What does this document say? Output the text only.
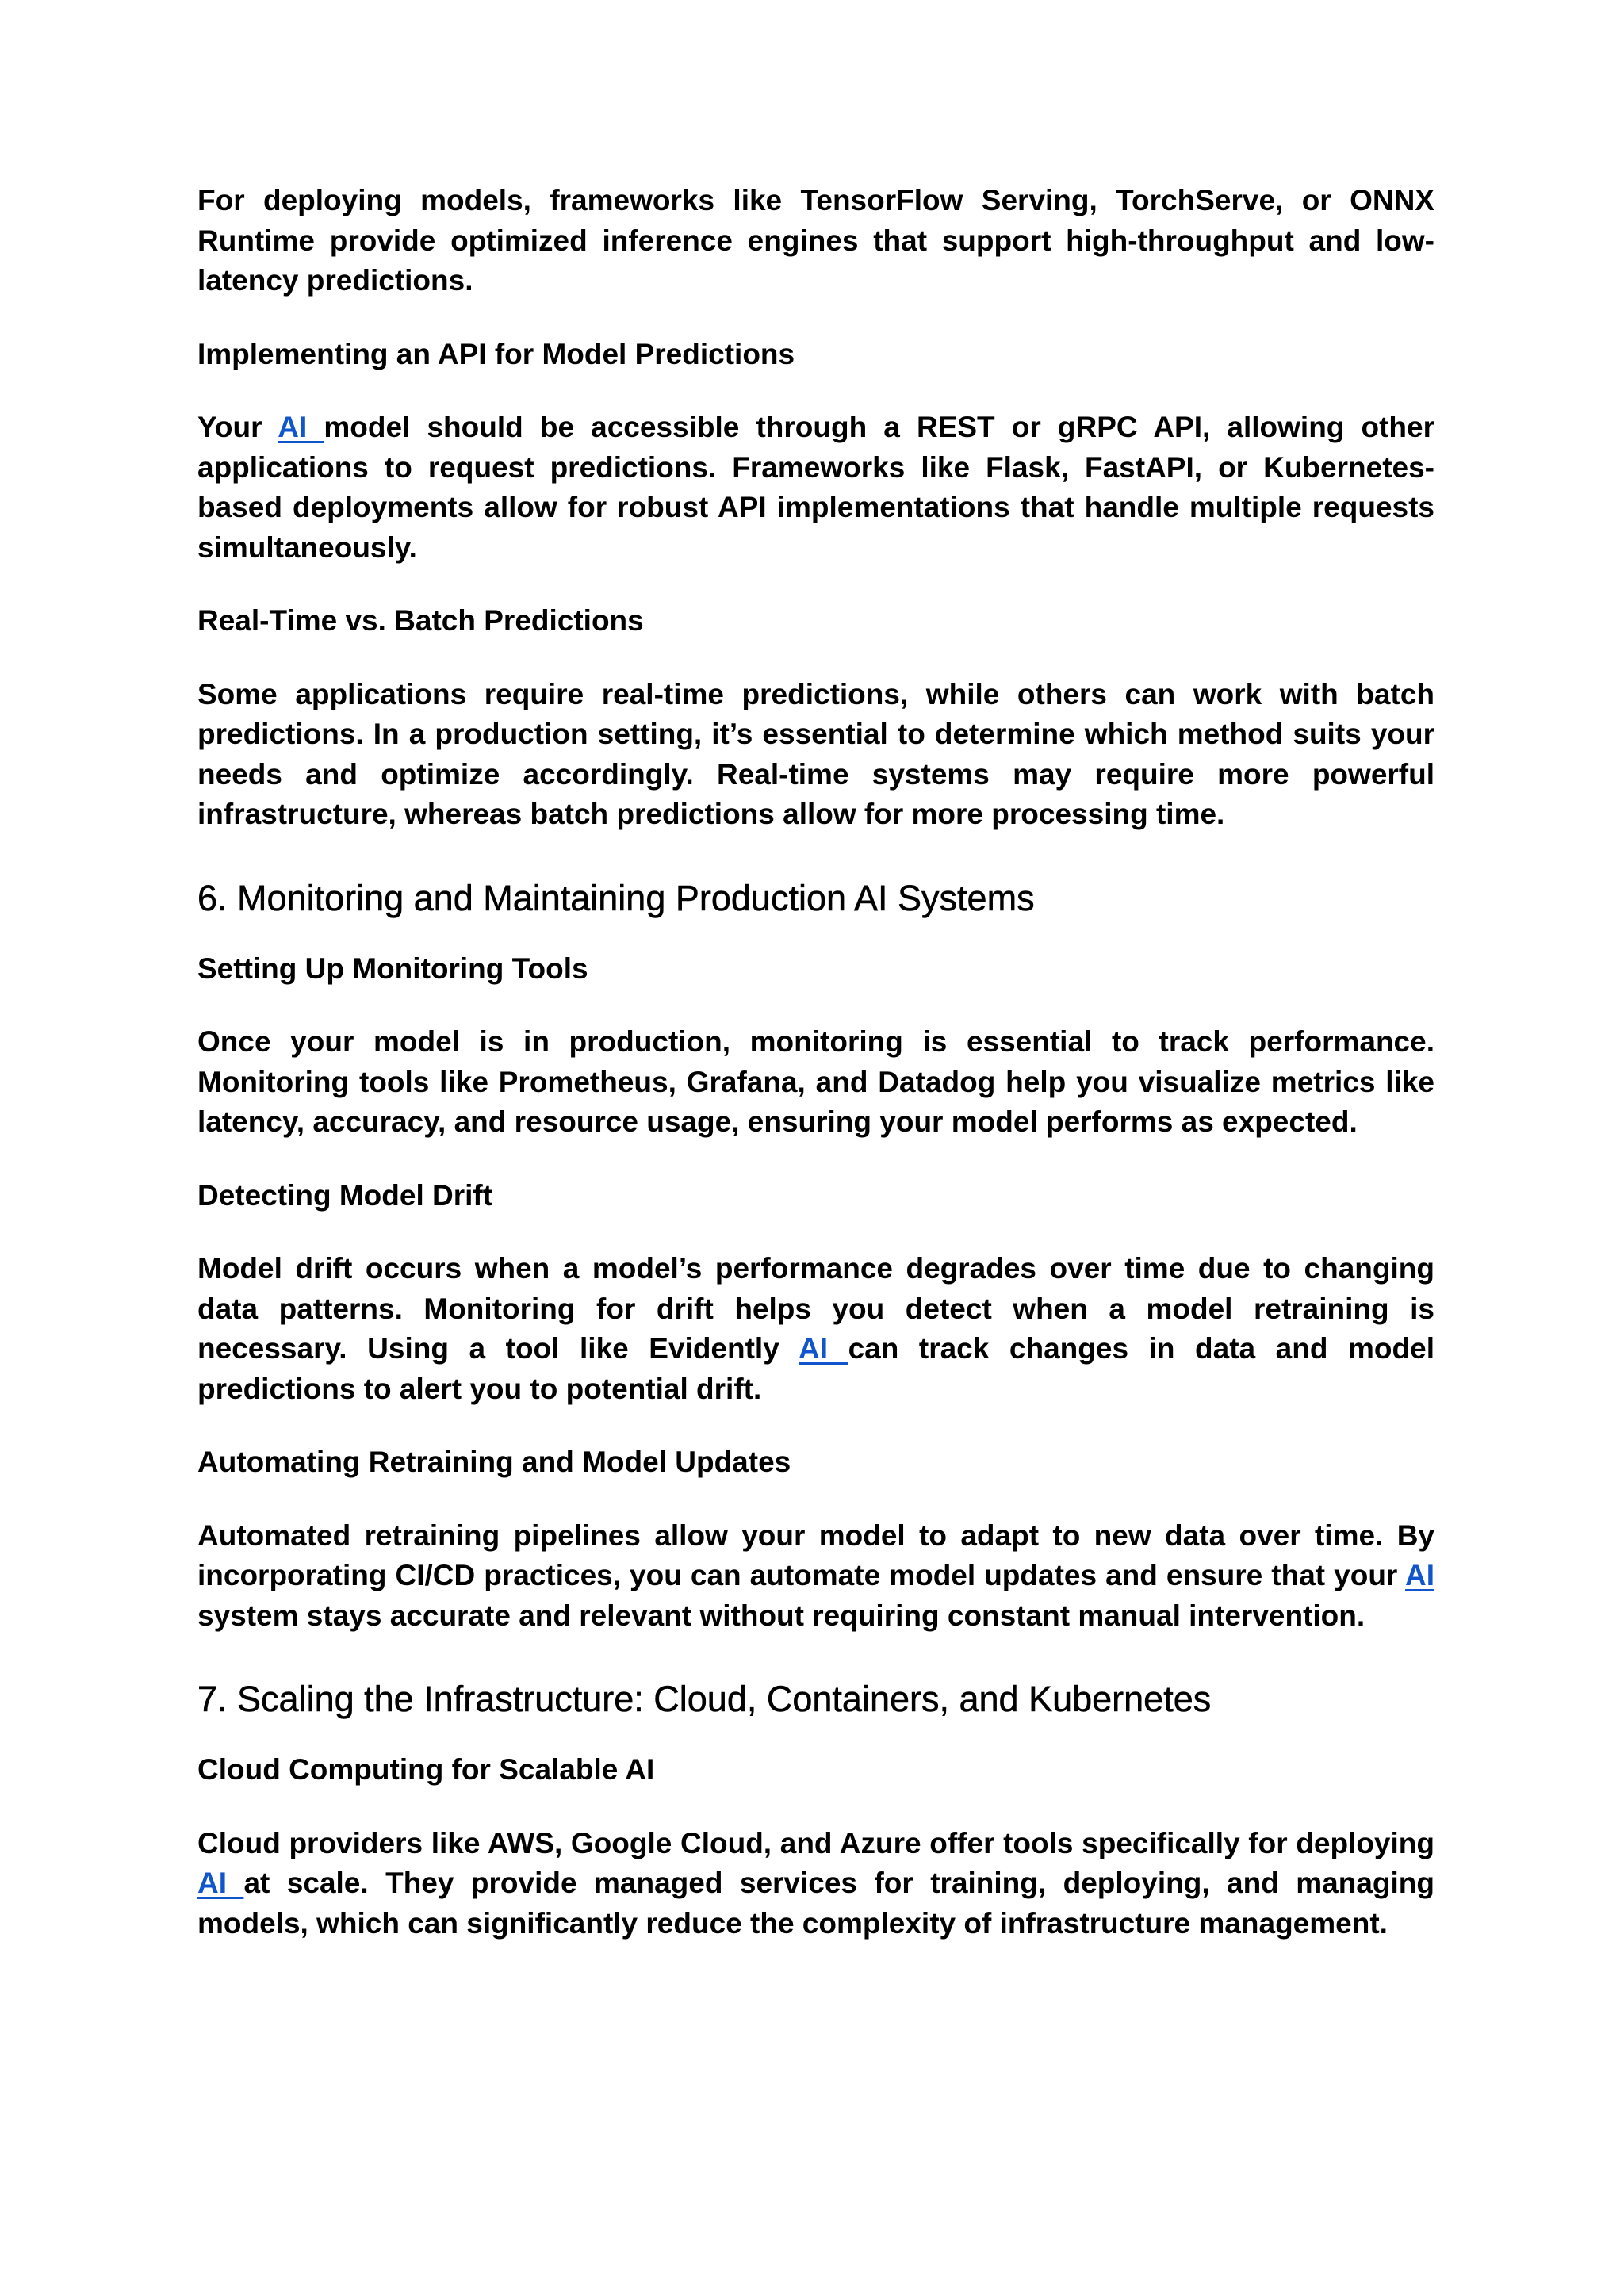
For deploying models, frameworks like TensorFlow Serving, TorchServe, or ONNX Runtime provide optimized inference engines that support high-throughput and low-latency predictions.

Implementing an API for Model Predictions

Your AI model should be accessible through a REST or gRPC API, allowing other applications to request predictions. Frameworks like Flask, FastAPI, or Kubernetes-based deployments allow for robust API implementations that handle multiple requests simultaneously.

Real-Time vs. Batch Predictions

Some applications require real-time predictions, while others can work with batch predictions. In a production setting, it’s essential to determine which method suits your needs and optimize accordingly. Real-time systems may require more powerful infrastructure, whereas batch predictions allow for more processing time.

6. Monitoring and Maintaining Production AI Systems

Setting Up Monitoring Tools

Once your model is in production, monitoring is essential to track performance. Monitoring tools like Prometheus, Grafana, and Datadog help you visualize metrics like latency, accuracy, and resource usage, ensuring your model performs as expected.

Detecting Model Drift

Model drift occurs when a model’s performance degrades over time due to changing data patterns. Monitoring for drift helps you detect when a model retraining is necessary. Using a tool like Evidently AI can track changes in data and model predictions to alert you to potential drift.

Automating Retraining and Model Updates

Automated retraining pipelines allow your model to adapt to new data over time. By incorporating CI/CD practices, you can automate model updates and ensure that your AI system stays accurate and relevant without requiring constant manual intervention.

7. Scaling the Infrastructure: Cloud, Containers, and Kubernetes

Cloud Computing for Scalable AI

Cloud providers like AWS, Google Cloud, and Azure offer tools specifically for deploying AI at scale. They provide managed services for training, deploying, and managing models, which can significantly reduce the complexity of infrastructure management.
